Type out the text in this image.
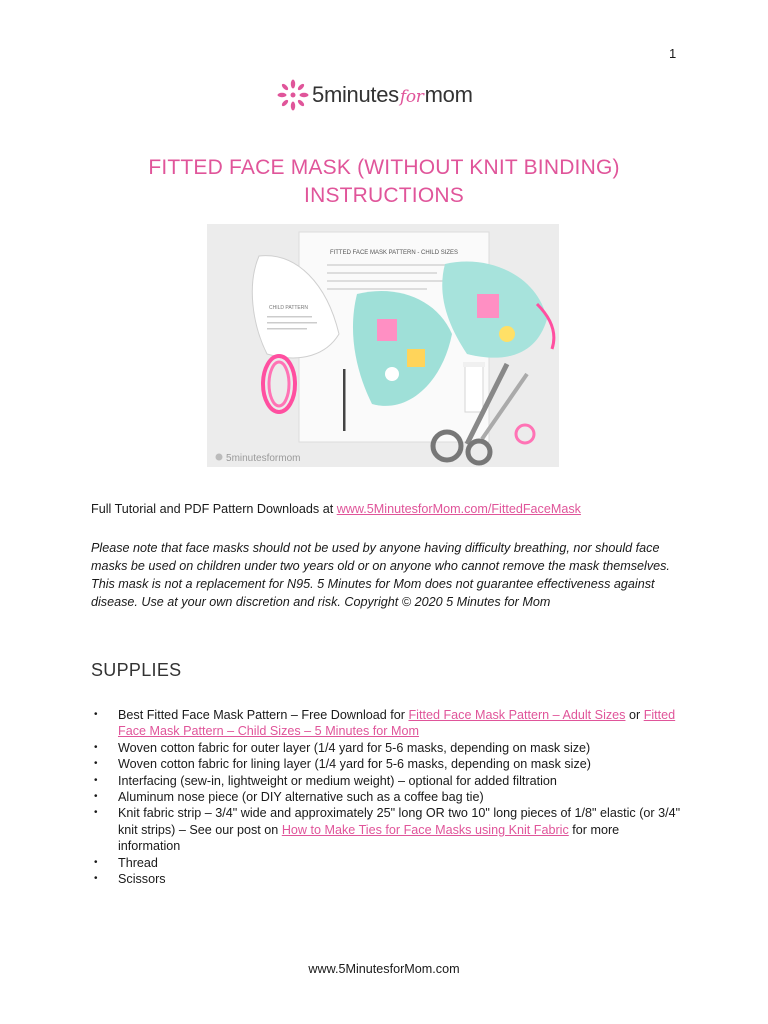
1
5 minutes for mom
FITTED FACE MASK (WITHOUT KNIT BINDING)
INSTRUCTIONS
FITTED FACE MASK PATTERN - CHILD SIZES
CHILD PATTERN
5minutesformom
Full Tutorial and PDF Pattern Downloads at www.5MinutesforMom.com/FittedFaceMask
Please note that face masks should not be used by anyone having difficulty breathing, nor should face masks be used on children under two years old or on anyone who cannot remove the mask themselves. This mask is not a replacement for N95. 5 Minutes for Mom does not guarantee effectiveness against disease. Use at your own discretion and risk. Copyright © 2020 5 Minutes for Mom
SUPPLIES
• Best Fitted Face Mask Pattern – Free Download for Fitted Face Mask Pattern – Adult Sizes or Fitted Face Mask Pattern – Child Sizes – 5 Minutes for Mom
• Woven cotton fabric for outer layer (1/4 yard for 5-6 masks, depending on mask size)
• Woven cotton fabric for lining layer (1/4 yard for 5-6 masks, depending on mask size)
• Interfacing (sew-in, lightweight or medium weight) – optional for added filtration
• Aluminum nose piece (or DIY alternative such as a coffee bag tie)
• Knit fabric strip – 3/4" wide and approximately 25" long OR two 10" long pieces of 1/8" elastic (or 3/4" knit strips) – See our post on How to Make Ties for Face Masks using Knit Fabric for more information
• Thread
• Scissors
www.5MinutesforMom.com
